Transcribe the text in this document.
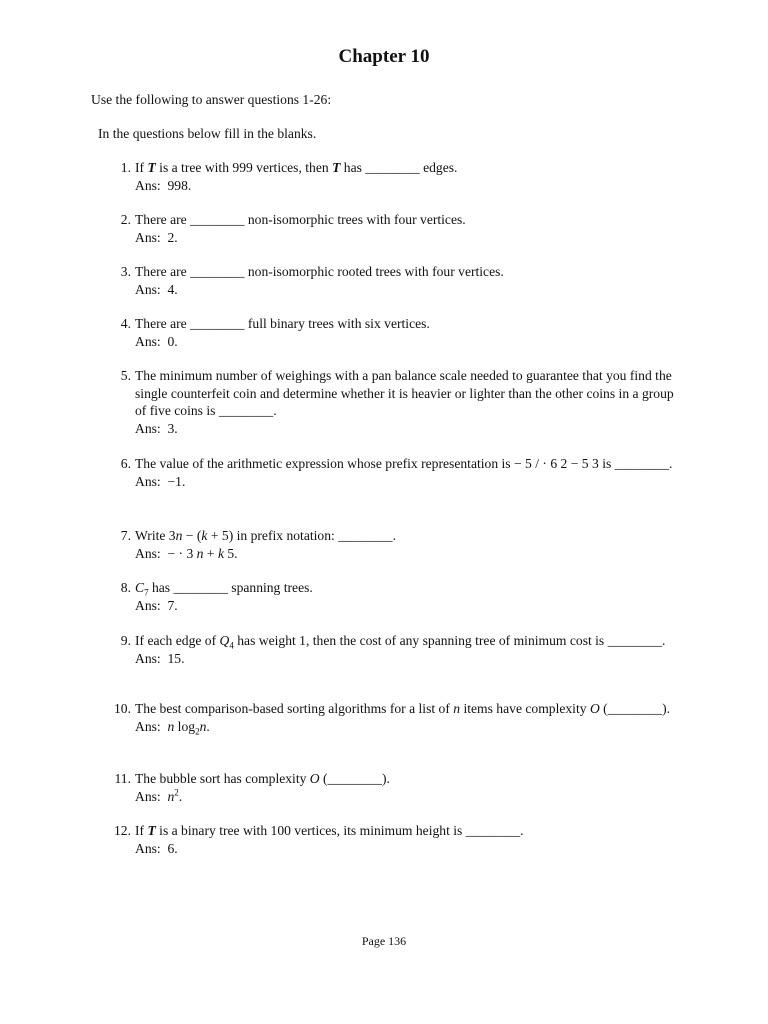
Chapter 10
Use the following to answer questions 1-26:
In the questions below fill in the blanks.
1. If T is a tree with 999 vertices, then T has ________ edges.
Ans: 998.
2. There are ________ non-isomorphic trees with four vertices.
Ans: 2.
3. There are ________ non-isomorphic rooted trees with four vertices.
Ans: 4.
4. There are ________ full binary trees with six vertices.
Ans: 0.
5. The minimum number of weighings with a pan balance scale needed to guarantee that you find the single counterfeit coin and determine whether it is heavier or lighter than the other coins in a group of five coins is ________.
Ans: 3.
6. The value of the arithmetic expression whose prefix representation is − 5 / · 6 2 − 5 3 is ________.
Ans: −1.
7. Write 3n − (k + 5) in prefix notation: ________.
Ans: − · 3 n + k 5.
8. $C_7$ has ________ spanning trees.
Ans: 7.
9. If each edge of $Q_4$ has weight 1, then the cost of any spanning tree of minimum cost is ________.
Ans: 15.
10. The best comparison-based sorting algorithms for a list of n items have complexity O (________).
Ans: n $\log_2n$.
11. The bubble sort has complexity O (________).
Ans: $n^2$.
12. If T is a binary tree with 100 vertices, its minimum height is ________.
Ans: 6.
Page 136
